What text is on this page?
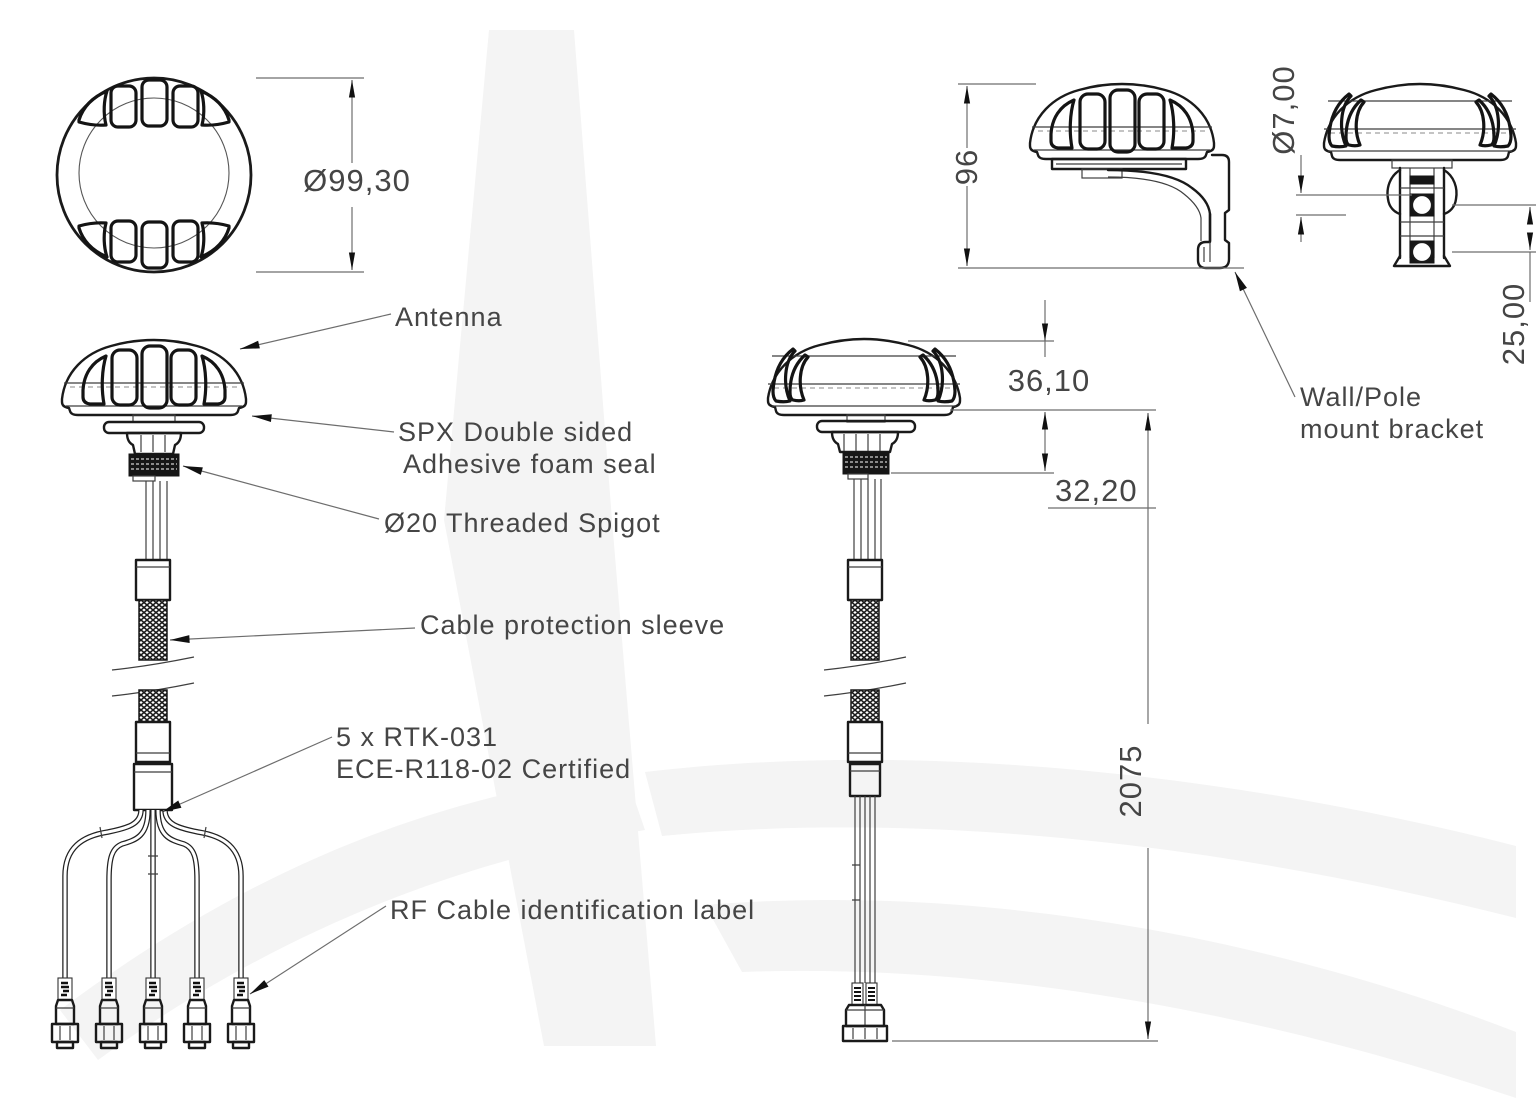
Ø99,30
Antenna
SPX Double sided
Adhesive foam seal
Ø20 Threaded Spigot
Cable protection sleeve
5 x RTK-031
ECE-R118-02 Certified
RF Cable identification label
Wall/Pole
mount bracket
36,10
32,20
2075
96
Ø7,00
25,00
